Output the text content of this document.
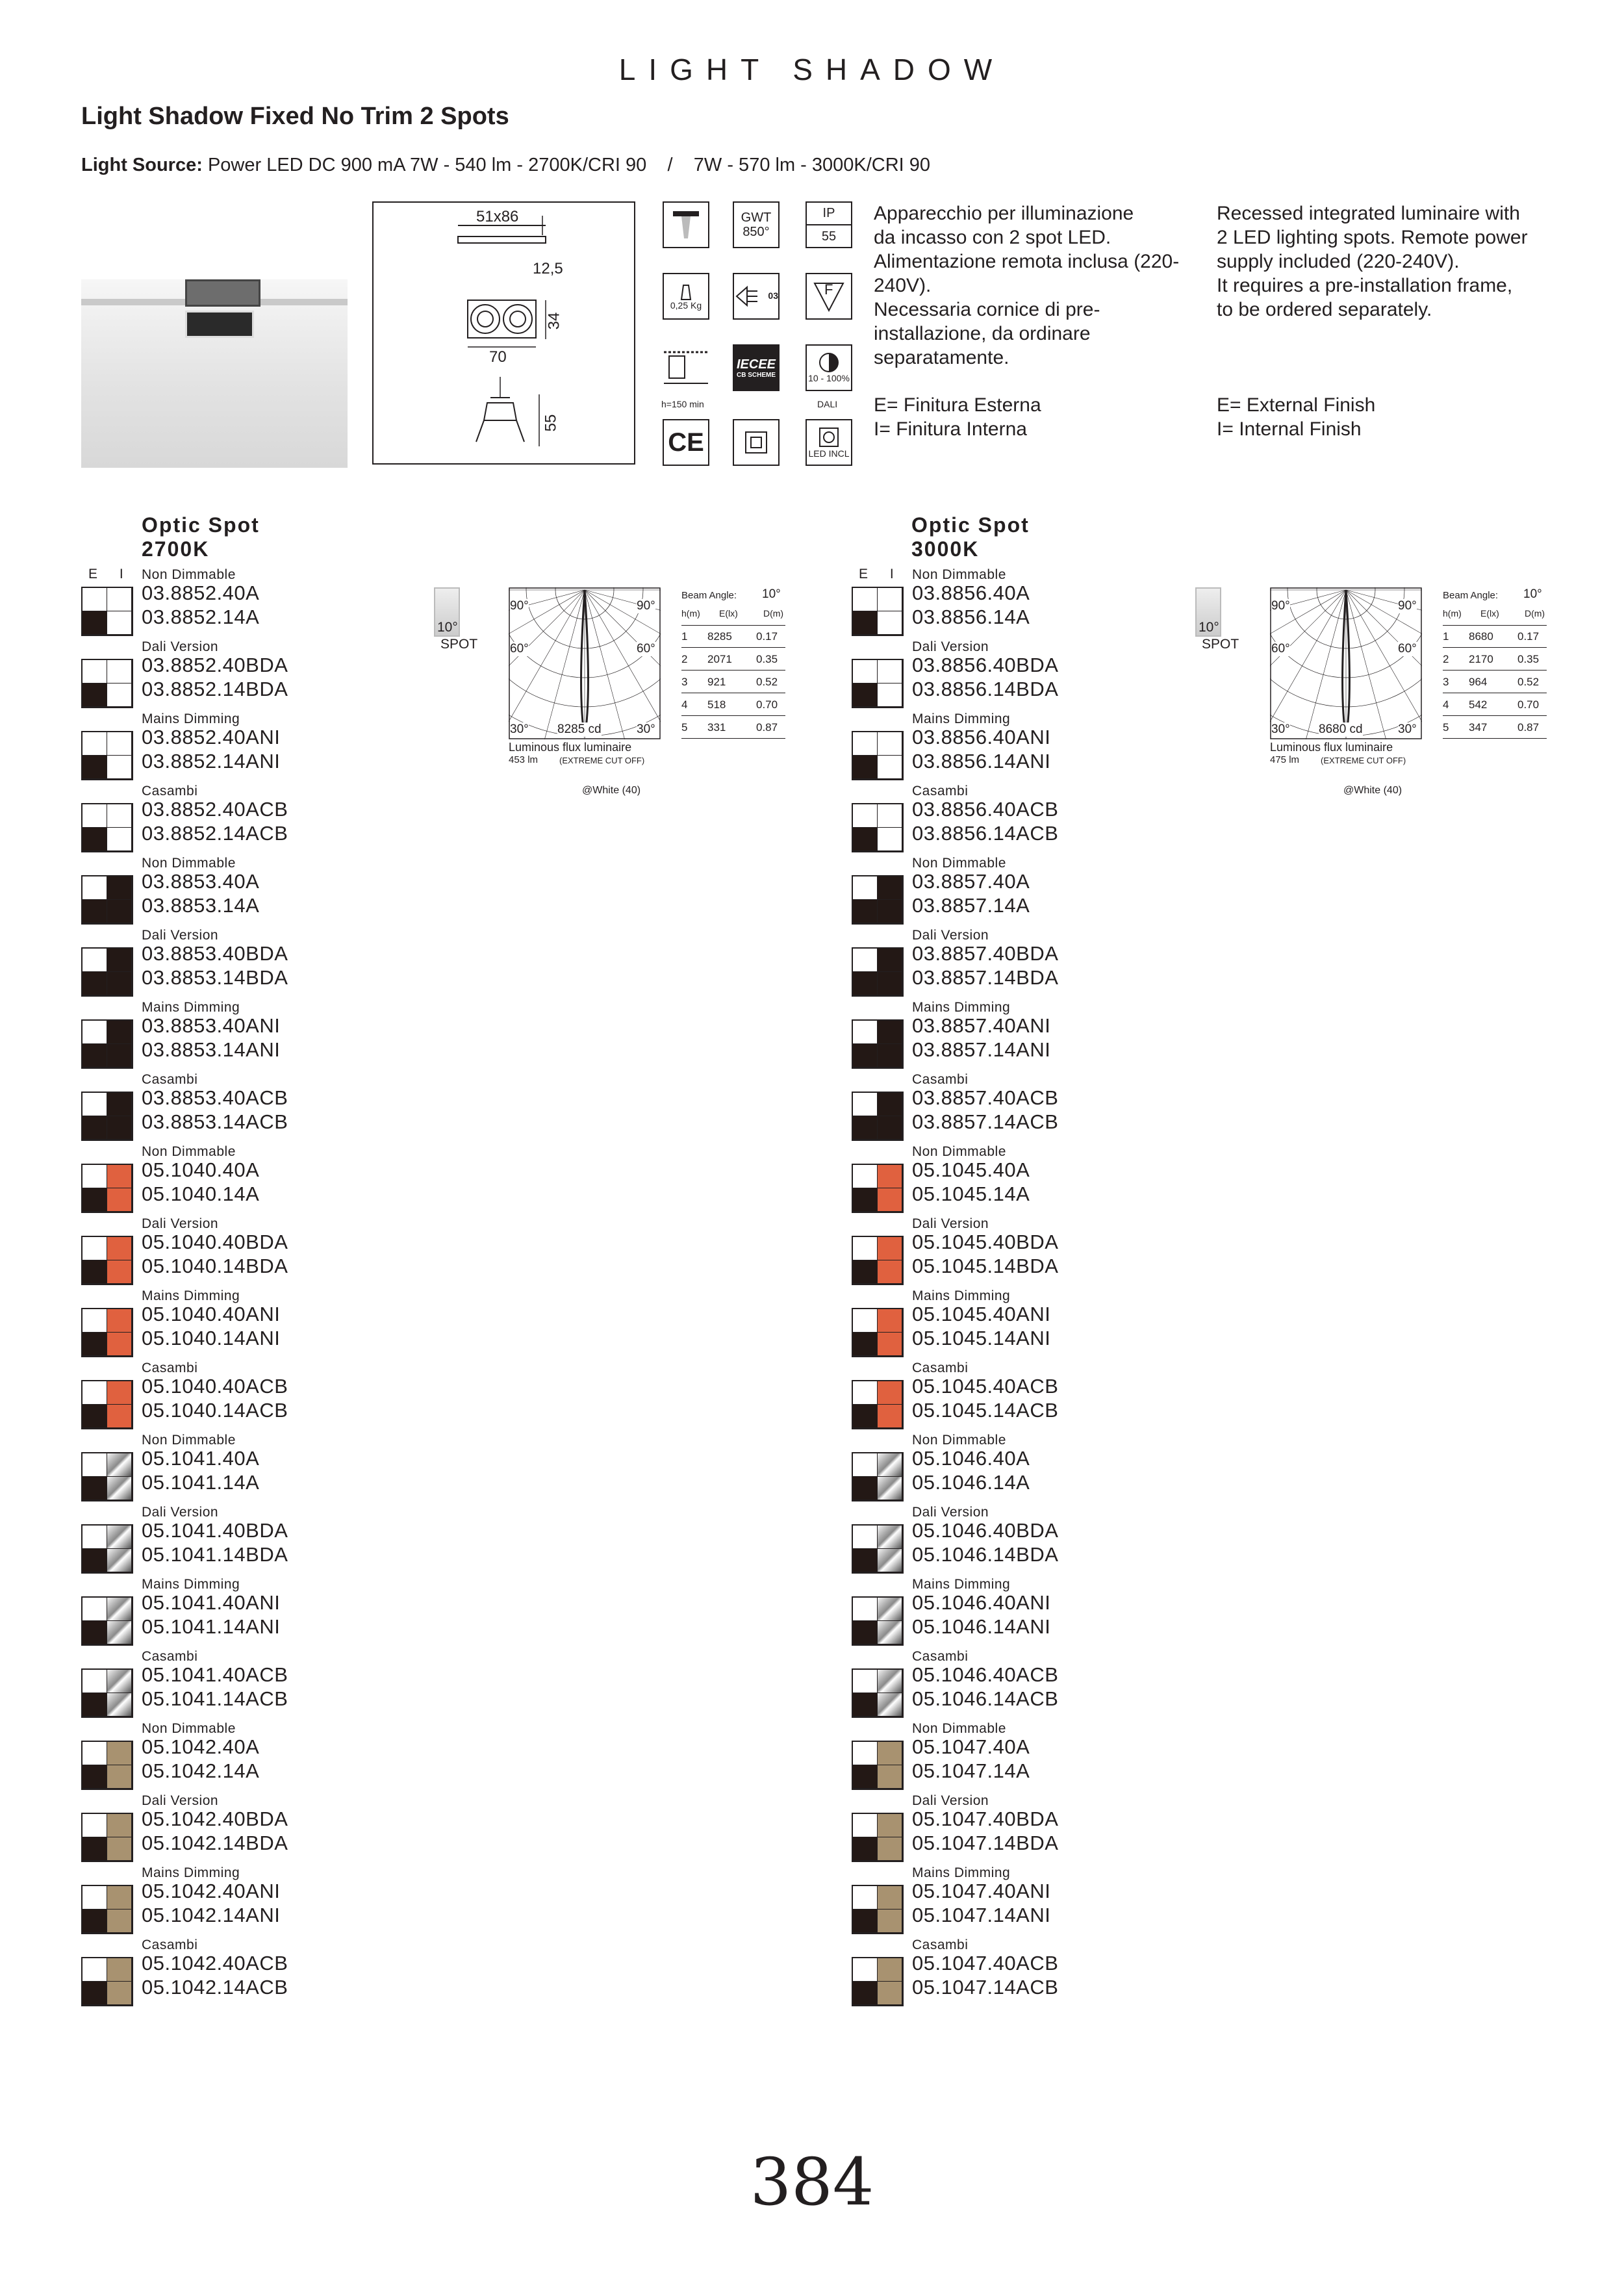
LIGHT SHADOW
Light Shadow Fixed No Trim 2 Spots
Light Source: Power LED DC 900 mA 7W - 540 lm - 2700K/CRI 90    /    7W - 570 lm - 3000K/CRI 90
51x86
12,5
34
70
55
GWT
850°
IP
55
0,25 Kg
03	F
h=150 min
IECEE
CB SCHEME	10 - 100%
DALI
CE	LED INCL
Apparecchio per illuminazione
da incasso con 2 spot LED.
Alimentazione remota inclusa (220-
240V).
Necessaria cornice di pre-
installazione, da ordinare
separatamente.
Recessed integrated luminaire with
2 LED lighting spots. Remote power
supply included (220-240V).
It requires a pre-installation frame,
to be ordered separately.
E= Finitura Esterna
I= Finitura Interna
E= External Finish
I= Internal Finish
Optic Spot
2700K
E I
Optic Spot
3000K
E I
Non Dimmable
03.8852.40A
03.8852.14A
Dali Version
03.8852.40BDA
03.8852.14BDA
Mains Dimming
03.8852.40ANI
03.8852.14ANI
Casambi
03.8852.40ACB
03.8852.14ACB
Non Dimmable
03.8853.40A
03.8853.14A
Dali Version
03.8853.40BDA
03.8853.14BDA
Mains Dimming
03.8853.40ANI
03.8853.14ANI
Casambi
03.8853.40ACB
03.8853.14ACB
Non Dimmable
05.1040.40A
05.1040.14A
Dali Version
05.1040.40BDA
05.1040.14BDA
Mains Dimming
05.1040.40ANI
05.1040.14ANI
Casambi
05.1040.40ACB
05.1040.14ACB
Non Dimmable
05.1041.40A
05.1041.14A
Dali Version
05.1041.40BDA
05.1041.14BDA
Mains Dimming
05.1041.40ANI
05.1041.14ANI
Casambi
05.1041.40ACB
05.1041.14ACB
Non Dimmable
05.1042.40A
05.1042.14A
Dali Version
05.1042.40BDA
05.1042.14BDA
Mains Dimming
05.1042.40ANI
05.1042.14ANI
Casambi
05.1042.40ACB
05.1042.14ACB
Non Dimmable
03.8856.40A
03.8856.14A
Dali Version
03.8856.40BDA
03.8856.14BDA
Mains Dimming
03.8856.40ANI
03.8856.14ANI
Casambi
03.8856.40ACB
03.8856.14ACB
Non Dimmable
03.8857.40A
03.8857.14A
Dali Version
03.8857.40BDA
03.8857.14BDA
Mains Dimming
03.8857.40ANI
03.8857.14ANI
Casambi
03.8857.40ACB
03.8857.14ACB
Non Dimmable
05.1045.40A
05.1045.14A
Dali Version
05.1045.40BDA
05.1045.14BDA
Mains Dimming
05.1045.40ANI
05.1045.14ANI
Casambi
05.1045.40ACB
05.1045.14ACB
Non Dimmable
05.1046.40A
05.1046.14A
Dali Version
05.1046.40BDA
05.1046.14BDA
Mains Dimming
05.1046.40ANI
05.1046.14ANI
Casambi
05.1046.40ACB
05.1046.14ACB
Non Dimmable
05.1047.40A
05.1047.14A
Dali Version
05.1047.40BDA
05.1047.14BDA
Mains Dimming
05.1047.40ANI
05.1047.14ANI
Casambi
05.1047.40ACB
05.1047.14ACB
10°
SPOT
90°	90°
60°	60°
30°	30°
8285 cd
Luminous flux luminaire
453 lm	(EXTREME CUT OFF)
@White (40)
Beam Angle: 10°
h(m) E(lx)	D(m)
1 8285 0.17
2 2071 0.35
3 921	0.52
4 518	0.70
5 331	0.87
10°
SPOT
90°	90°
60°	60°
30°	30°
8680 cd
Luminous flux luminaire
475 lm	(EXTREME CUT OFF)
@White (40)
Beam Angle: 10°
h(m) E(lx)	D(m)
1 8680 0.17
2 2170 0.35
3 964	0.52
4 542	0.70
5 347	0.87
384
